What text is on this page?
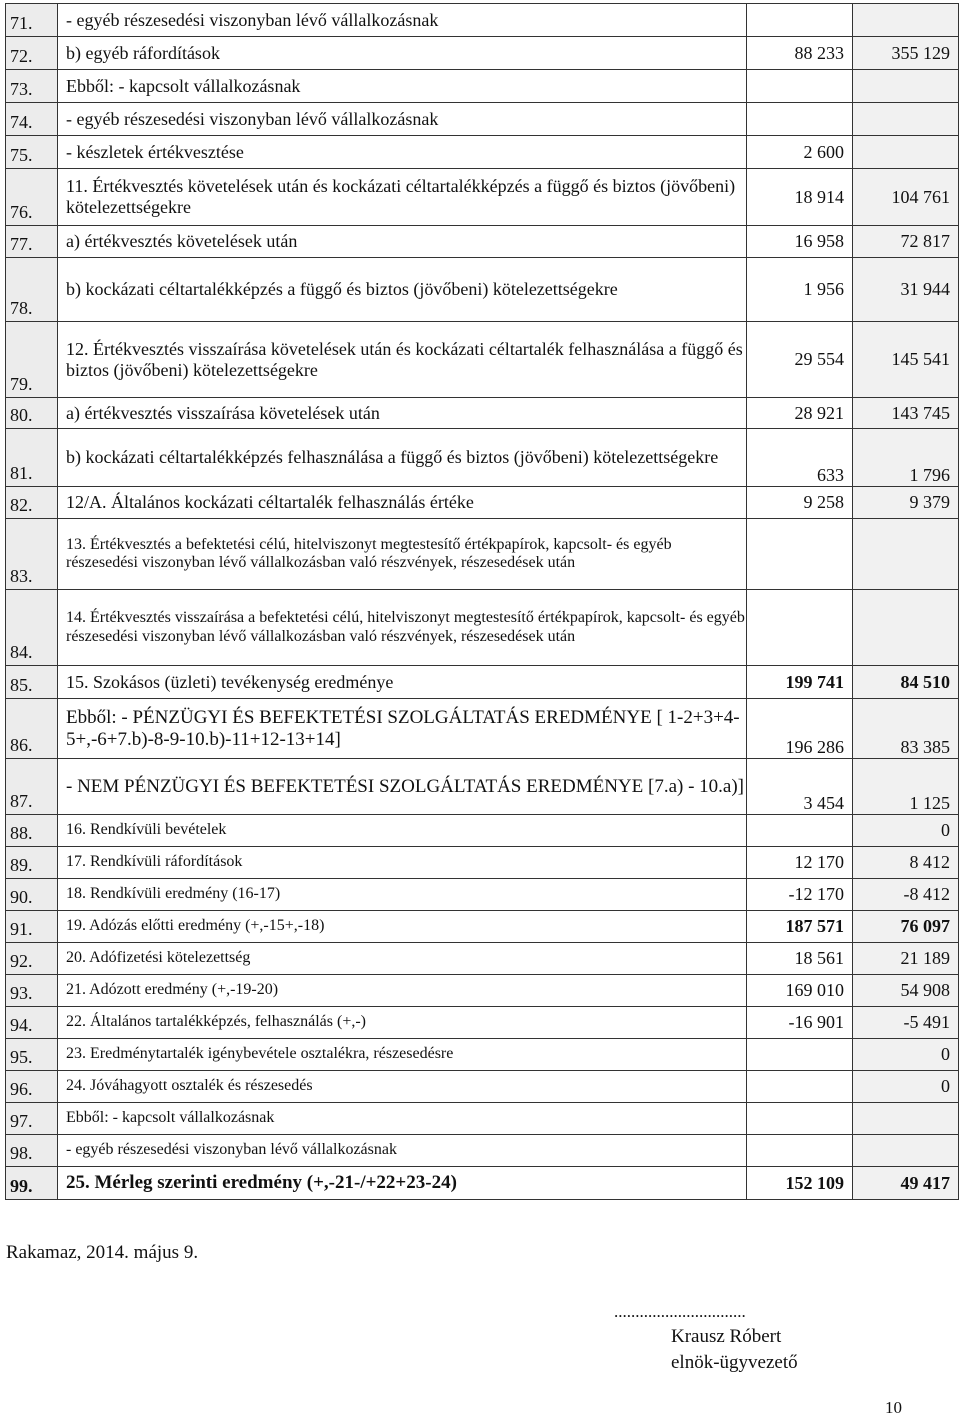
71.	- egyéb részesedési viszonyban lévő vállalkozásnak		
72.	b) egyéb ráfordítások	88 233	355 129
73.	Ebből: - kapcsolt vállalkozásnak		
74.	- egyéb részesedési viszonyban lévő vállalkozásnak		
75.	- készletek értékvesztése	2 600	
76.	11. Értékvesztés követelések után és kockázati céltartalékképzés a függő és biztos (jövőbeni) kötelezettségekre	18 914	104 761
77.	a) értékvesztés követelések után	16 958	72 817
78.	b) kockázati céltartalékképzés a függő és biztos (jövőbeni) kötelezettségekre	1 956	31 944
79.	12. Értékvesztés visszaírása követelések után és kockázati céltartalék felhasználása a függő és biztos (jövőbeni) kötelezettségekre	29 554	145 541
80.	a) értékvesztés visszaírása követelések után	28 921	143 745
81.	b) kockázati céltartalékképzés felhasználása a függő és biztos (jövőbeni) kötelezettségekre	633	1 796
82.	12/A. Általános kockázati céltartalék felhasználás értéke	9 258	9 379
83.	13. Értékvesztés a befektetési célú, hitelviszonyt megtestesítő értékpapírok, kapcsolt- és egyéb részesedési viszonyban lévő vállalkozásban való részvények, részesedések után		
84.	14. Értékvesztés visszaírása a befektetési célú, hitelviszonyt megtestesítő értékpapírok, kapcsolt- és egyéb részesedési viszonyban lévő vállalkozásban való részvények, részesedések után		
85.	15. Szokásos (üzleti) tevékenység eredménye	199 741	84 510
86.	Ebből: - PÉNZÜGYI ÉS BEFEKTETÉSI SZOLGÁLTATÁS EREDMÉNYE [ 1-2+3+4-5+,-6+7.b)-8-9-10.b)-11+12-13+14]	196 286	83 385
87.	- NEM PÉNZÜGYI ÉS BEFEKTETÉSI SZOLGÁLTATÁS EREDMÉNYE [7.a) - 10.a)]	3 454	1 125
88.	16. Rendkívüli bevételek		0
89.	17. Rendkívüli ráfordítások	12 170	8 412
90.	18. Rendkívüli eredmény (16-17)	-12 170	-8 412
91.	19. Adózás előtti eredmény (+,-15+,-18)	187 571	76 097
92.	20. Adófizetési kötelezettség	18 561	21 189
93.	21. Adózott eredmény (+,-19-20)	169 010	54 908
94.	22. Általános tartalékképzés, felhasználás (+,-)	-16 901	-5 491
95.	23. Eredménytartalék igénybevétele osztalékra, részesedésre		0
96.	24. Jóváhagyott osztalék és részesedés		0
97.	Ebből: - kapcsolt vállalkozásnak		
98.	- egyéb részesedési viszonyban lévő vállalkozásnak		
99.	25. Mérleg szerinti eredmény (+,-21-/+22+23-24)	152 109	49 417
Rakamaz, 2014. május 9.
...............................
Krausz Róbert
elnök-ügyvezető
10
